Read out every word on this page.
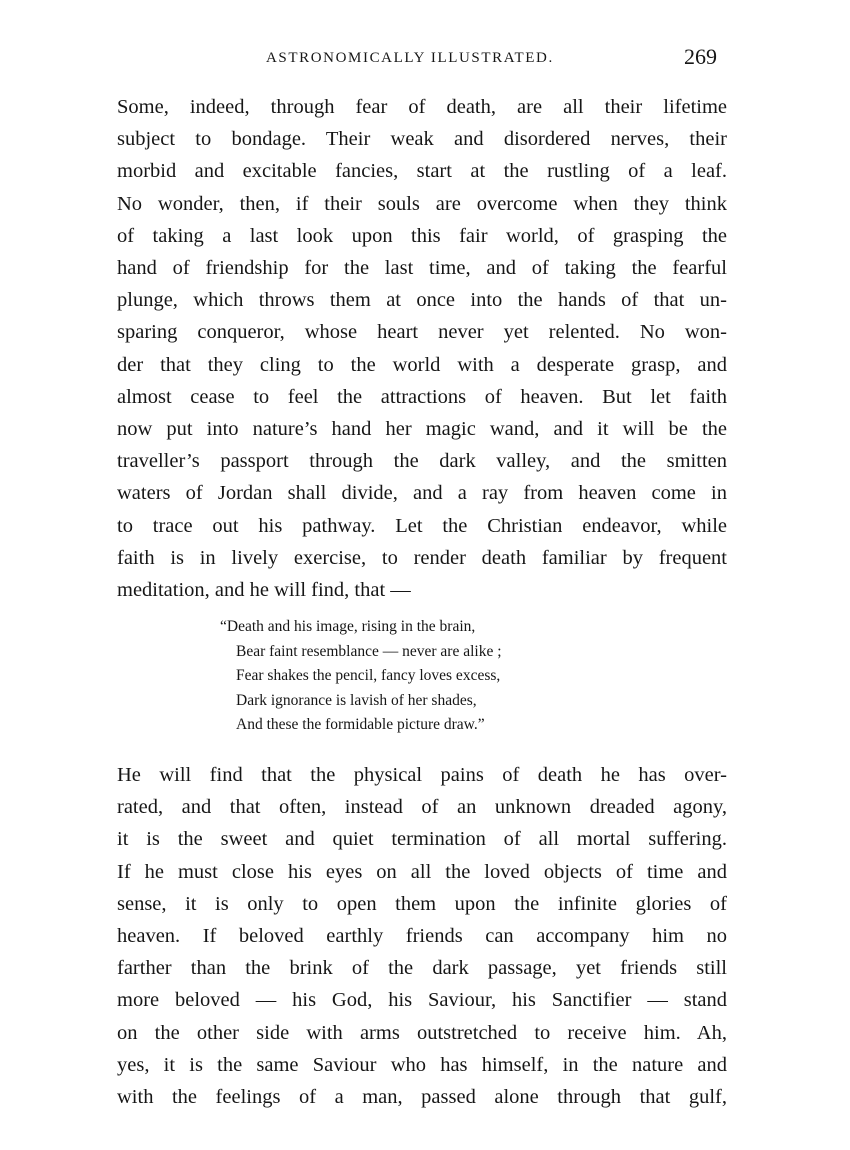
ASTRONOMICALLY ILLUSTRATED.	269
Some, indeed, through fear of death, are all their lifetime
subject to bondage. Their weak and disordered nerves, their
morbid and excitable fancies, start at the rustling of a leaf.
No wonder, then, if their souls are overcome when they think
of taking a last look upon this fair world, of grasping the
hand of friendship for the last time, and of taking the fearful
plunge, which throws them at once into the hands of that un-
sparing conqueror, whose heart never yet relented. No won-
der that they cling to the world with a desperate grasp, and
almost cease to feel the attractions of heaven. But let faith
now put into nature’s hand her magic wand, and it will be the
traveller’s passport through the dark valley, and the smitten
waters of Jordan shall divide, and a ray from heaven come in
to trace out his pathway. Let the Christian endeavor, while
faith is in lively exercise, to render death familiar by frequent
meditation, and he will find, that —
“Death and his image, rising in the brain,
Bear faint resemblance — never are alike ;
Fear shakes the pencil, fancy loves excess,
Dark ignorance is lavish of her shades,
And these the formidable picture draw.”
He will find that the physical pains of death he has over-
rated, and that often, instead of an unknown dreaded agony,
it is the sweet and quiet termination of all mortal suffering.
If he must close his eyes on all the loved objects of time and
sense, it is only to open them upon the infinite glories of
heaven. If beloved earthly friends can accompany him no
farther than the brink of the dark passage, yet friends still
more beloved — his God, his Saviour, his Sanctifier — stand
on the other side with arms outstretched to receive him. Ah,
yes, it is the same Saviour who has himself, in the nature and
with the feelings of a man, passed alone through that gulf,
